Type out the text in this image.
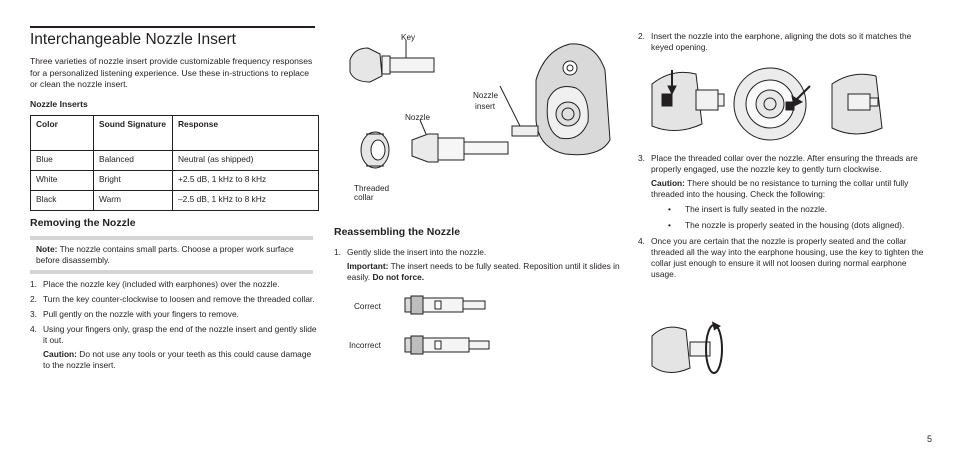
Interchangeable Nozzle Insert

Three varieties of nozzle insert provide customizable frequency responses for a personalized listening experience. Use these in-structions to replace or clean the nozzle insert.

Nozzle Inserts

Color	Sound Signature	Response
Blue	Balanced	Neutral (as shipped)
White	Bright	+2.5 dB, 1 kHz to 8 kHz
Black	Warm	–2.5 dB, 1 kHz to 8 kHz
Removing the Nozzle
Note: The nozzle contains small parts. Choose a proper work surface before disassembly.
1. Place the nozzle key (included with earphones) over the nozzle.
2. Turn the key counter-clockwise to loosen and remove the threaded collar.
3. Pull gently on the nozzle with your fingers to remove.
4. Using your fingers only, grasp the end of the nozzle insert and gently slide it out.
Caution: Do not use any tools or your teeth as this could cause damage to the nozzle insert.
Key
Nozzle
Nozzle
insert
Threaded
collar
Reassembling the Nozzle
1. Gently slide the insert into the nozzle.
Important: The insert needs to be fully seated. Reposition until it slides in easily. Do not force.
Correct
Incorrect
2. Insert the nozzle into the earphone, aligning the dots so it matches the keyed opening.
3. Place the threaded collar over the nozzle. After ensuring the threads are properly engaged, use the nozzle key to gently turn clockwise.
Caution: There should be no resistance to turning the collar until fully threaded into the housing. Check the following:
• The insert is fully seated in the nozzle.
• The nozzle is properly seated in the housing (dots aligned).
4. Once you are certain that the nozzle is properly seated and the collar threaded all the way into the earphone housing, use the key to tighten the collar just enough to ensure it will not loosen during normal earphone usage.
5
